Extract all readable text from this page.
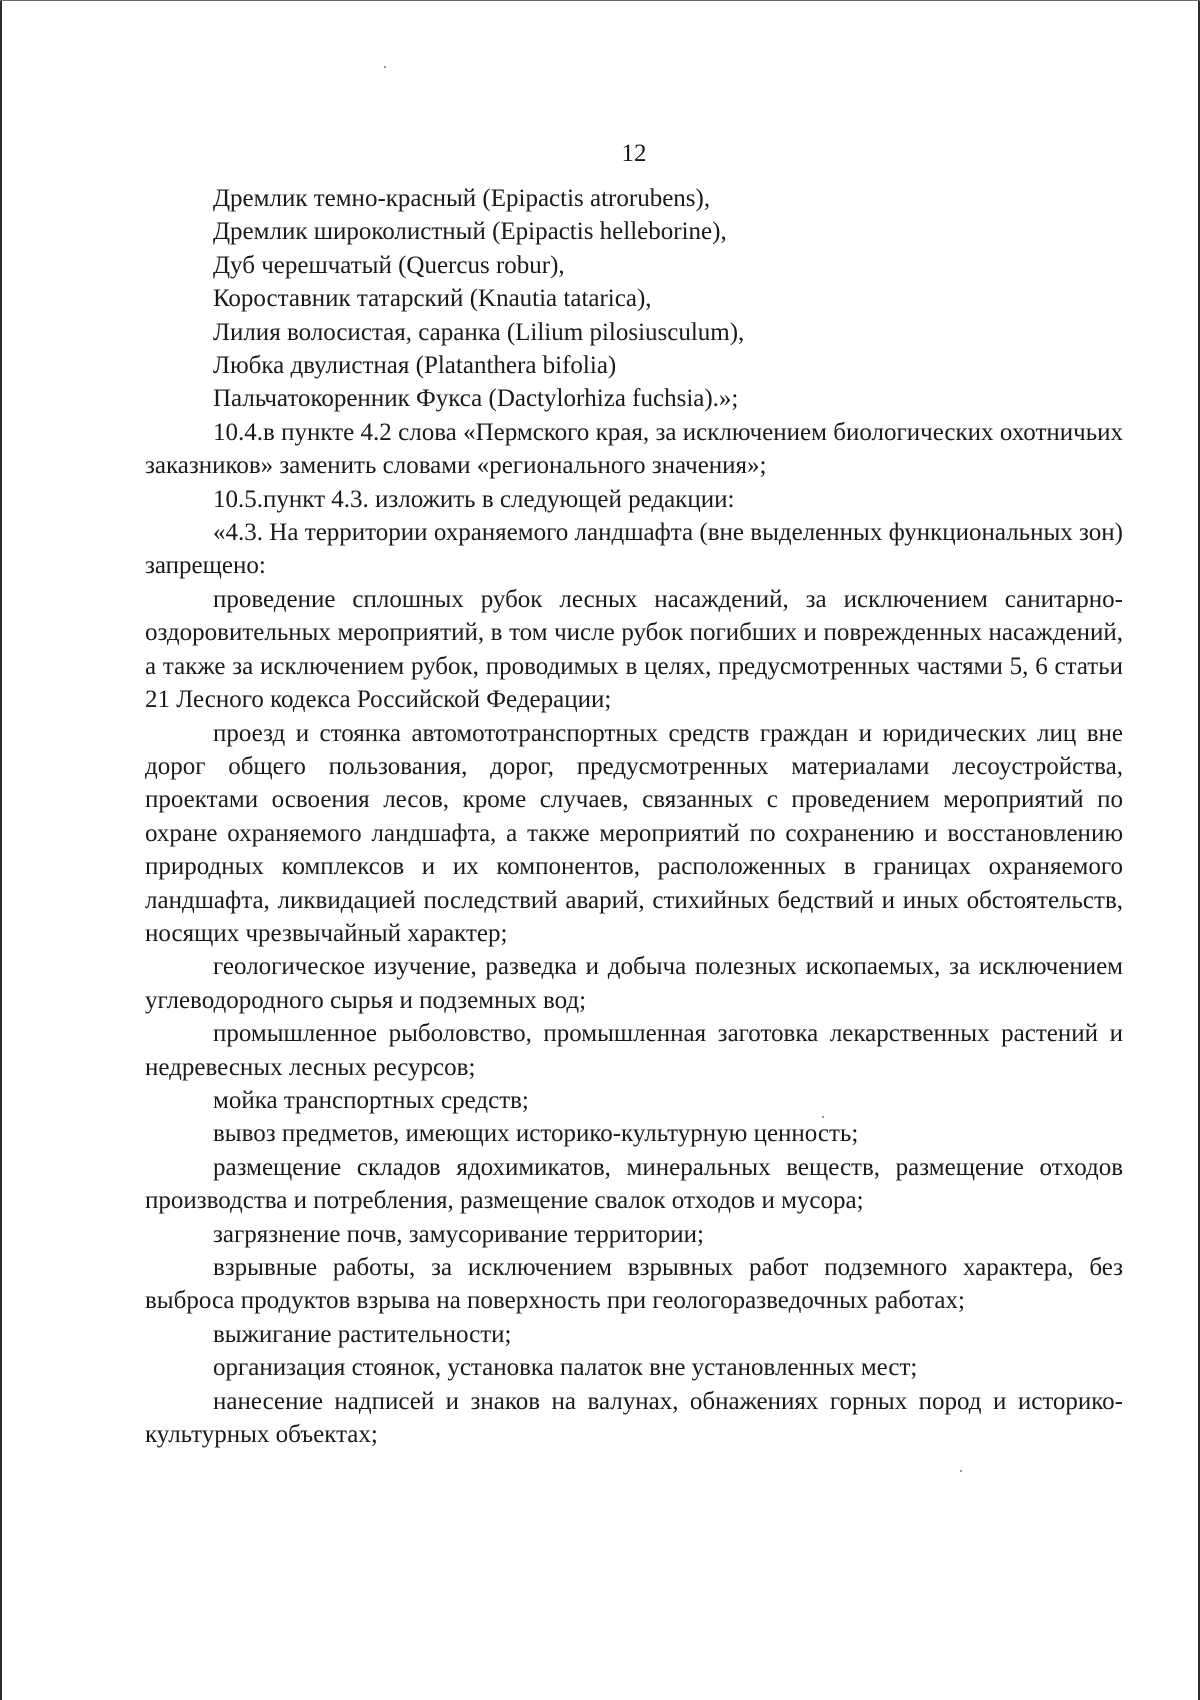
12

Дремлик темно-красный (Epipactis atrorubens),

Дремлик широколистный (Epipactis helleborine),

Дуб черешчатый (Quercus robur),

Короставник татарский (Knautia tatarica),

Лилия волосистая, саранка (Lilium pilosiusculum),

Любка двулистная (Platanthera bifolia)

Пальчатокоренник Фукса (Dactylorhiza fuchsia).»;

10.4.в пункте 4.2 слова «Пермского края, за исключением биологических охотничьих заказников» заменить словами «регионального значения»;

10.5.пункт 4.3. изложить в следующей редакции:

«4.3. На территории охраняемого ландшафта (вне выделенных функциональных зон) запрещено:

проведение сплошных рубок лесных насаждений, за исключением санитарно-оздоровительных мероприятий, в том числе рубок погибших и поврежденных насаждений, а также за исключением рубок, проводимых в целях, предусмотренных частями 5, 6 статьи 21 Лесного кодекса Российской Федерации;

проезд и стоянка автомототранспортных средств граждан и юридических лиц вне дорог общего пользования, дорог, предусмотренных материалами лесоустройства, проектами освоения лесов, кроме случаев, связанных с проведением мероприятий по охране охраняемого ландшафта, а также мероприятий по сохранению и восстановлению природных комплексов и их компонентов, расположенных в границах охраняемого ландшафта, ликвидацией последствий аварий, стихийных бедствий и иных обстоятельств, носящих чрезвычайный характер;

геологическое изучение, разведка и добыча полезных ископаемых, за исключением углеводородного сырья и подземных вод;

промышленное рыболовство, промышленная заготовка лекарственных растений и недревесных лесных ресурсов;

мойка транспортных средств;

вывоз предметов, имеющих историко-культурную ценность;

размещение складов ядохимикатов, минеральных веществ, размещение отходов производства и потребления, размещение свалок отходов и мусора;

загрязнение почв, замусоривание территории;

взрывные работы, за исключением взрывных работ подземного характера, без выброса продуктов взрыва на поверхность при геологоразведочных работах;

выжигание растительности;

организация стоянок, установка палаток вне установленных мест;

нанесение надписей и знаков на валунах, обнажениях горных пород и историко-культурных объектах;
